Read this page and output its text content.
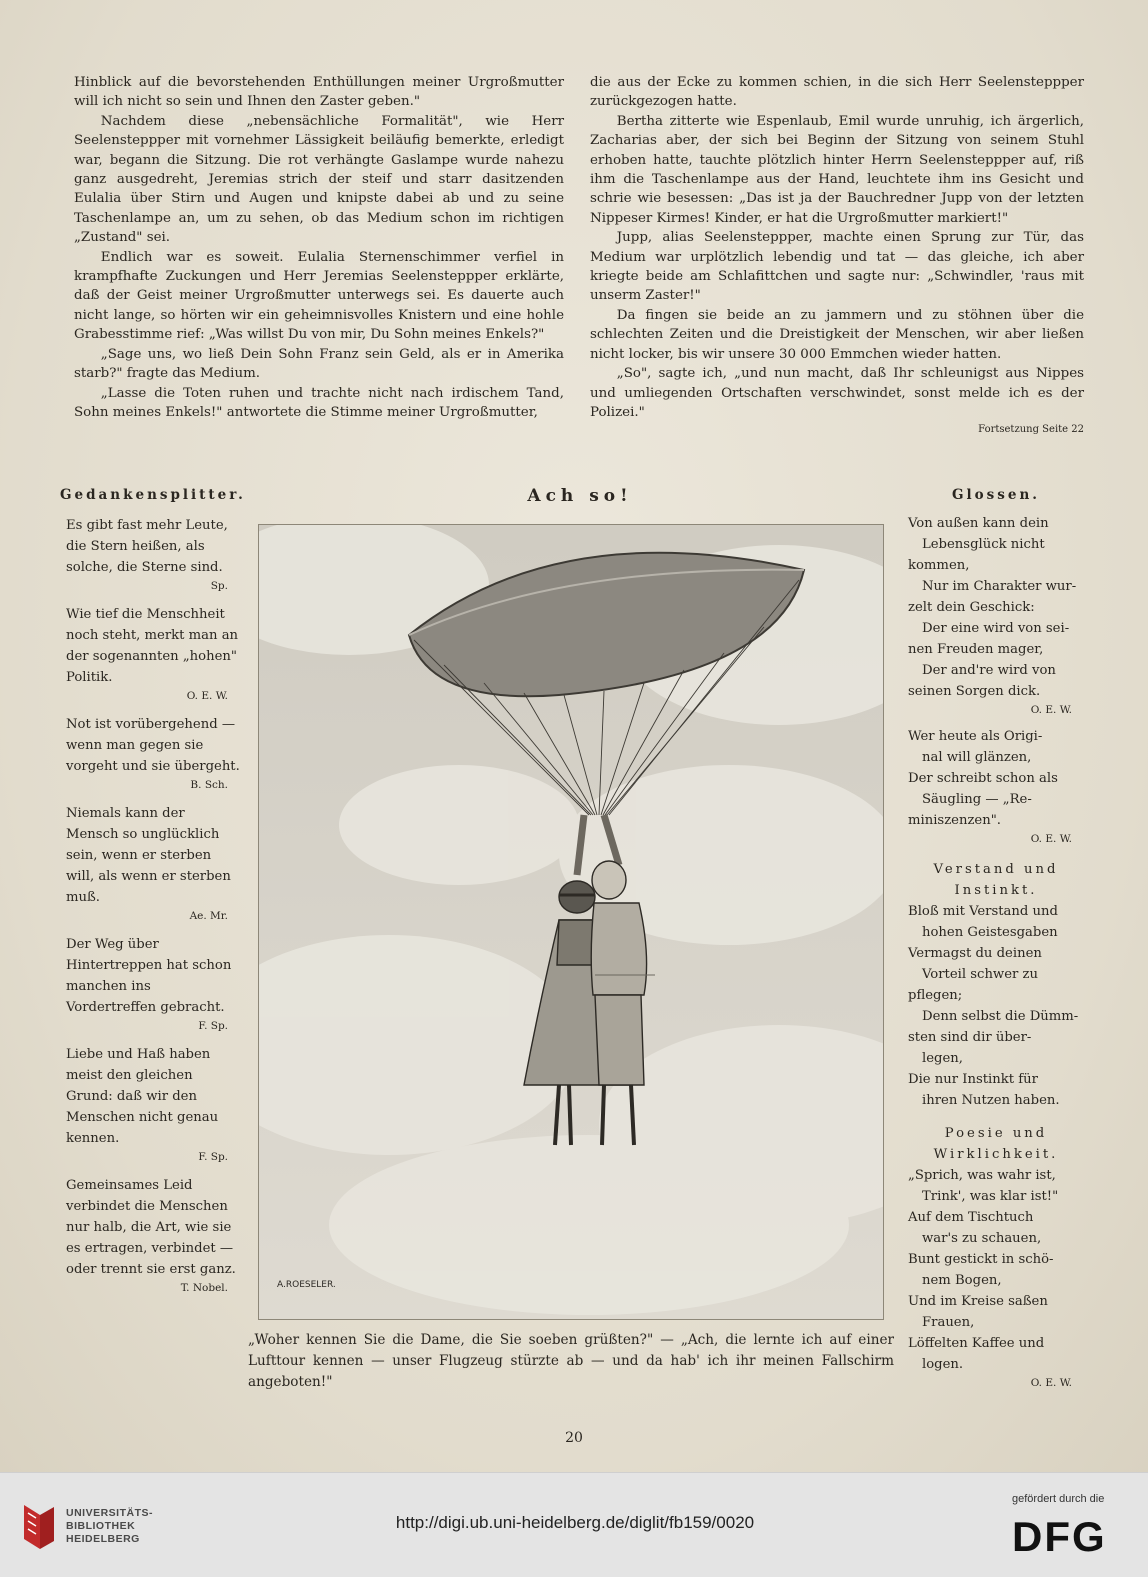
Hinblick auf die bevorstehenden Enthüllungen meiner Urgroßmutter will ich nicht so sein und Ihnen den Zaster geben."

Nachdem diese „nebensächliche Formalität", wie Herr Seelensteppper mit vornehmer Lässigkeit beiläufig bemerkte, erledigt war, begann die Sitzung. Die rot verhängte Gaslampe wurde nahezu ganz ausgedreht, Jeremias strich der steif und starr dasitzenden Eulalia über Stirn und Augen und knipste dabei ab und zu seine Taschenlampe an, um zu sehen, ob das Medium schon im richtigen „Zustand" sei.

Endlich war es soweit. Eulalia Sternenschimmer verfiel in krampfhafte Zuckungen und Herr Jeremias Seelensteppper erklärte, daß der Geist meiner Urgroßmutter unterwegs sei. Es dauerte auch nicht lange, so hörten wir ein geheimnisvolles Knistern und eine hohle Grabesstimme rief: „Was willst Du von mir, Du Sohn meines Enkels?"

„Sage uns, wo ließ Dein Sohn Franz sein Geld, als er in Amerika starb?" fragte das Medium.

„Lasse die Toten ruhen und trachte nicht nach irdischem Tand, Sohn meines Enkels!" antwortete die Stimme meiner Urgroßmutter,

die aus der Ecke zu kommen schien, in die sich Herr Seelensteppper zurückgezogen hatte.

Bertha zitterte wie Espenlaub, Emil wurde unruhig, ich ärgerlich, Zacharias aber, der sich bei Beginn der Sitzung von seinem Stuhl erhoben hatte, tauchte plötzlich hinter Herrn Seelensteppper auf, riß ihm die Taschenlampe aus der Hand, leuchtete ihm ins Gesicht und schrie wie besessen: „Das ist ja der Bauchredner Jupp von der letzten Nippeser Kirmes! Kinder, er hat die Urgroßmutter markiert!"

Jupp, alias Seelensteppper, machte einen Sprung zur Tür, das Medium war urplötzlich lebendig und tat — das gleiche, ich aber kriegte beide am Schlafittchen und sagte nur: „Schwindler, 'raus mit unserm Zaster!"

Da fingen sie beide an zu jammern und zu stöhnen über die schlechten Zeiten und die Dreistigkeit der Menschen, wir aber ließen nicht locker, bis wir unsere 30 000 Emmchen wieder hatten.

„So", sagte ich, „und nun macht, daß Ihr schleunigst aus Nippes und umliegenden Ortschaften verschwindet, sonst melde ich es der Polizei."

Fortsetzung Seite 22
Gedankensplitter.
Es gibt fast mehr Leute, die Stern heißen, als solche, die Sterne sind.
Sp.
Wie tief die Menschheit noch steht, merkt man an der sogenannten „hohen" Politik.
O. E. W.
Not ist vorübergehend — wenn man gegen sie vorgeht und sie übergeht.
B. Sch.
Niemals kann der Mensch so unglücklich sein, wenn er sterben will, als wenn er sterben muß.
Ae. Mr.
Der Weg über Hintertreppen hat schon manchen ins Vordertreffen gebracht.
F. Sp.
Liebe und Haß haben meist den gleichen Grund: daß wir den Menschen nicht genau kennen.
F. Sp.
Gemeinsames Leid verbindet die Menschen nur halb, die Art, wie sie es ertragen, verbindet — oder trennt sie erst ganz.
T. Nobel.
Ach so!
A.ROESELER.
„Woher kennen Sie die Dame, die Sie soeben grüßten?" — „Ach, die lernte ich auf einer Lufttour kennen — unser Flugzeug stürzte ab — und da hab' ich ihr meinen Fallschirm angeboten!"
Glossen.
Von außen kann dein
Lebensglück nicht
kommen,
Nur im Charakter wur-
zelt dein Geschick:
Der eine wird von sei-
nen Freuden mager,
Der and're wird von
seinen Sorgen dick.
O. E. W.
Wer heute als Origi-
nal will glänzen,
Der schreibt schon als
Säugling — „Re-
miniszenzen".
O. E. W.
Verstand und Instinkt.
Bloß mit Verstand und
hohen Geistesgaben
Vermagst du deinen
Vorteil schwer zu
pflegen;
Denn selbst die Dümm-
sten sind dir über-
legen,
Die nur Instinkt für
ihren Nutzen haben.
Poesie und Wirklichkeit.
„Sprich, was wahr ist,
Trink', was klar ist!"
Auf dem Tischtuch
war's zu schauen,
Bunt gestickt in schö-
nem Bogen,
Und im Kreise saßen
Frauen,
Löffelten Kaffee und
logen.
O. E. W.
20
UNIVERSITÄTS-
BIBLIOTHEK
HEIDELBERG
http://digi.ub.uni-heidelberg.de/diglit/fb159/0020
gefördert durch die
DFG
